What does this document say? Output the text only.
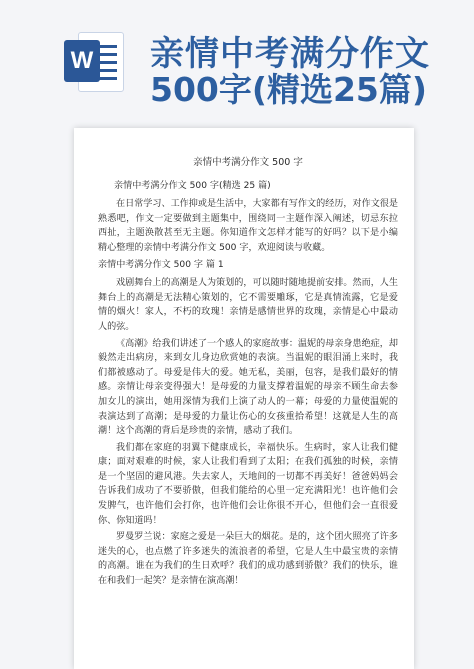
W 亲情中考满分作文
500字(精选25篇)
亲情中考满分作文 500 字
亲情中考满分作文 500 字(精选 25 篇)

在日常学习、工作抑或是生活中，大家都有写作文的经历，对作文很是熟悉吧，作文一定要做到主题集中，围绕同一主题作深入阐述，切忌东拉西扯，主题涣散甚至无主题。你知道作文怎样才能写的好吗？以下是小编精心整理的亲情中考满分作文 500 字，欢迎阅读与收藏。

亲情中考满分作文 500 字 篇 1

戏剧舞台上的高潮是人为策划的，可以随时随地提前安排。然而，人生舞台上的高潮是无法精心策划的，它不需要雕琢，它是真情流露，它是爱情的烟火！家人，不朽的玫瑰！亲情是感情世界的玫瑰，亲情是心中最动人的弦。

《高潮》给我们讲述了一个感人的家庭故事：温妮的母亲身患绝症，却毅然走出病房，来到女儿身边欣赏她的表演。当温妮的眼泪涌上来时，我们都被感动了。母爱是伟大的爱。她无私，美丽，包容，是我们最好的情感。亲情让母亲变得强大！是母爱的力量支撑着温妮的母亲不顾生命去参加女儿的演出，她用深情为我们上演了动人的一幕；母爱的力量使温妮的表演达到了高潮；是母爱的力量让伤心的女孩重拾希望！这就是人生的高潮！这个高潮的背后是珍贵的亲情，感动了我们。

我们都在家庭的羽翼下健康成长，幸福快乐。生病时，家人让我们健康；面对艰难的时候，家人让我们看到了太阳；在我们孤独的时候，亲情是一个坚固的避风港。失去家人，天地间的一切都不再美好！爸爸妈妈会告诉我们成功了不要骄傲，但我们能给的心里一定充满阳光！也许他们会发脾气，也许他们会打你，也许他们会让你很不开心，但他们会一直很爱你、你知道吗！

罗曼罗兰说：家庭之爱是一朵巨大的烟花。是的，这个团火照亮了许多迷失的心，也点燃了许多迷失的流浪者的希望，它是人生中最宝贵的亲情的高潮。谁在为我们的生日欢呼？我们的成功感到骄傲？我们的快乐，谁在和我们一起笑？是亲情在演高潮！
